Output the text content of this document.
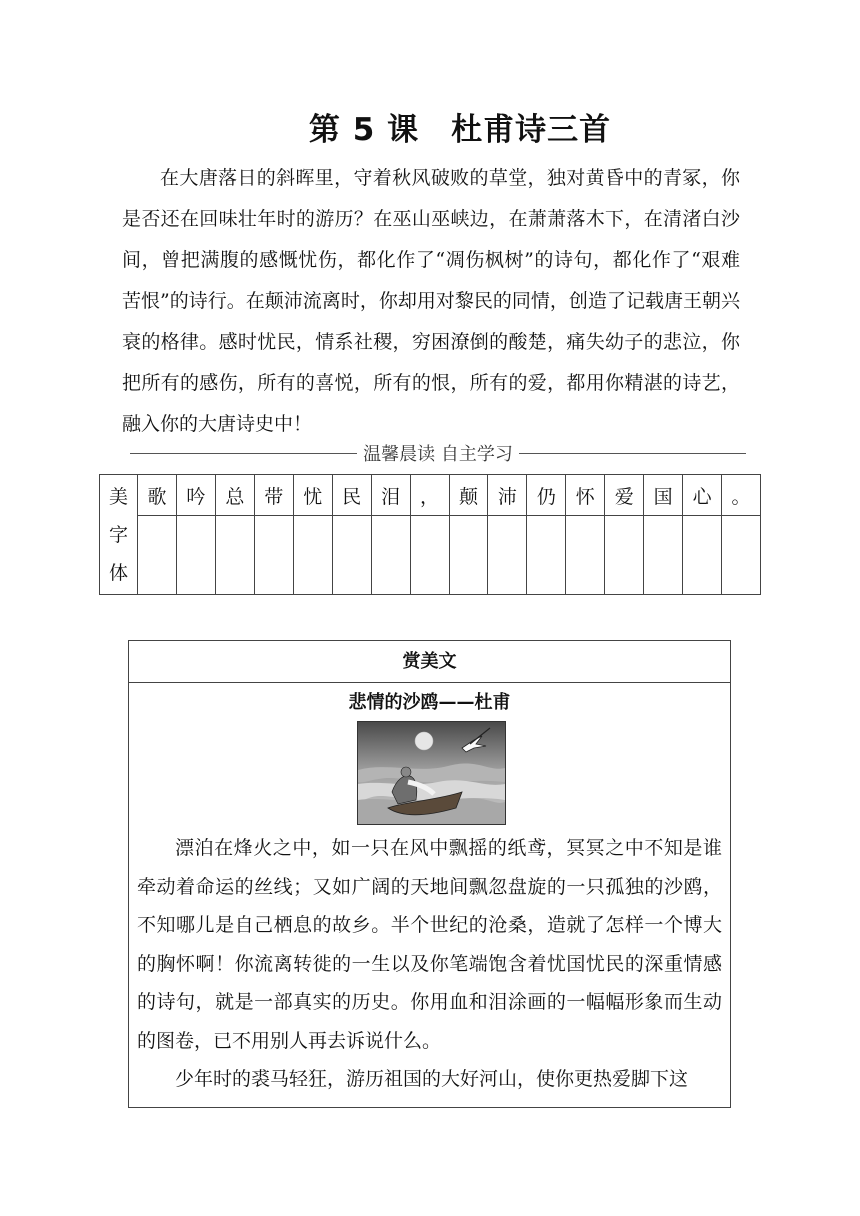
第 5 课　杜甫诗三首

在大唐落日的斜晖里，守着秋风破败的草堂，独对黄昏中的青冢，你是否还在回味壮年时的游历？在巫山巫峡边，在萧萧落木下，在清渚白沙间，曾把满腹的感慨忧伤，都化作了“凋伤枫树”的诗句，都化作了“艰难苦恨”的诗行。在颠沛流离时，你却用对黎民的同情，创造了记载唐王朝兴衰的格律。感时忧民，情系社稷，穷困潦倒的酸楚，痛失幼子的悲泣，你把所有的感伤，所有的喜悦，所有的恨，所有的爱，都用你精湛的诗艺，融入你的大唐诗史中！

温馨晨读 自主学习
美
字
体	歌	吟	总	带	忧	民	泪	，	颠	沛	仍	怀	爱	国	心	。

赏美文
悲情的沙鸥——杜甫

漂泊在烽火之中，如一只在风中飘摇的纸鸢，冥冥之中不知是谁牵动着命运的丝线；又如广阔的天地间飘忽盘旋的一只孤独的沙鸥，不知哪儿是自己栖息的故乡。半个世纪的沧桑，造就了怎样一个博大的胸怀啊！你流离转徙的一生以及你笔端饱含着忧国忧民的深重情感的诗句，就是一部真实的历史。你用血和泪涂画的一幅幅形象而生动的图卷，已不用别人再去诉说什么。

少年时的裘马轻狂，游历祖国的大好河山，使你更热爱脚下这
